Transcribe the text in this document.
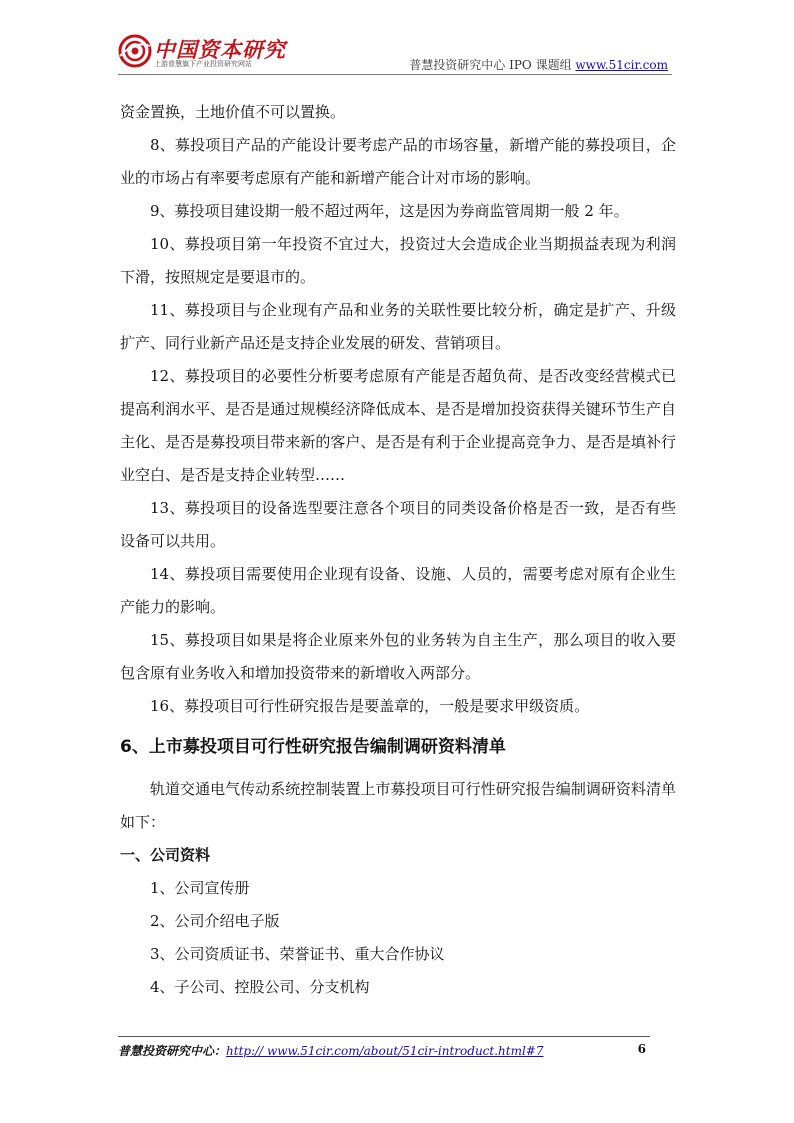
中国资本研究
上游普慧旗下产业投资研究网站	普慧投资研究中心 IPO 课题组 www.51cir.com

资金置换，土地价值不可以置换。

8、募投项目产品的产能设计要考虑产品的市场容量，新增产能的募投项目，企业的市场占有率要考虑原有产能和新增产能合计对市场的影响。

9、募投项目建设期一般不超过两年，这是因为券商监管周期一般 2 年。

10、募投项目第一年投资不宜过大，投资过大会造成企业当期损益表现为利润下滑，按照规定是要退市的。

11、募投项目与企业现有产品和业务的关联性要比较分析，确定是扩产、升级扩产、同行业新产品还是支持企业发展的研发、营销项目。

12、募投项目的必要性分析要考虑原有产能是否超负荷、是否改变经营模式已提高利润水平、是否是通过规模经济降低成本、是否是增加投资获得关键环节生产自主化、是否是募投项目带来新的客户、是否是有利于企业提高竞争力、是否是填补行业空白、是否是支持企业转型……

13、募投项目的设备选型要注意各个项目的同类设备价格是否一致，是否有些设备可以共用。

14、募投项目需要使用企业现有设备、设施、人员的，需要考虑对原有企业生产能力的影响。

15、募投项目如果是将企业原来外包的业务转为自主生产，那么项目的收入要包含原有业务收入和增加投资带来的新增收入两部分。

16、募投项目可行性研究报告是要盖章的，一般是要求甲级资质。

6、上市募投项目可行性研究报告编制调研资料清单

轨道交通电气传动系统控制装置上市募投项目可行性研究报告编制调研资料清单如下：

一、公司资料

1、公司宣传册

2、公司介绍电子版

3、公司资质证书、荣誉证书、重大合作协议

4、子公司、控股公司、分支机构

普慧投资研究中心：http:// www.51cir.com/about/51cir-introduct.html#7	6
